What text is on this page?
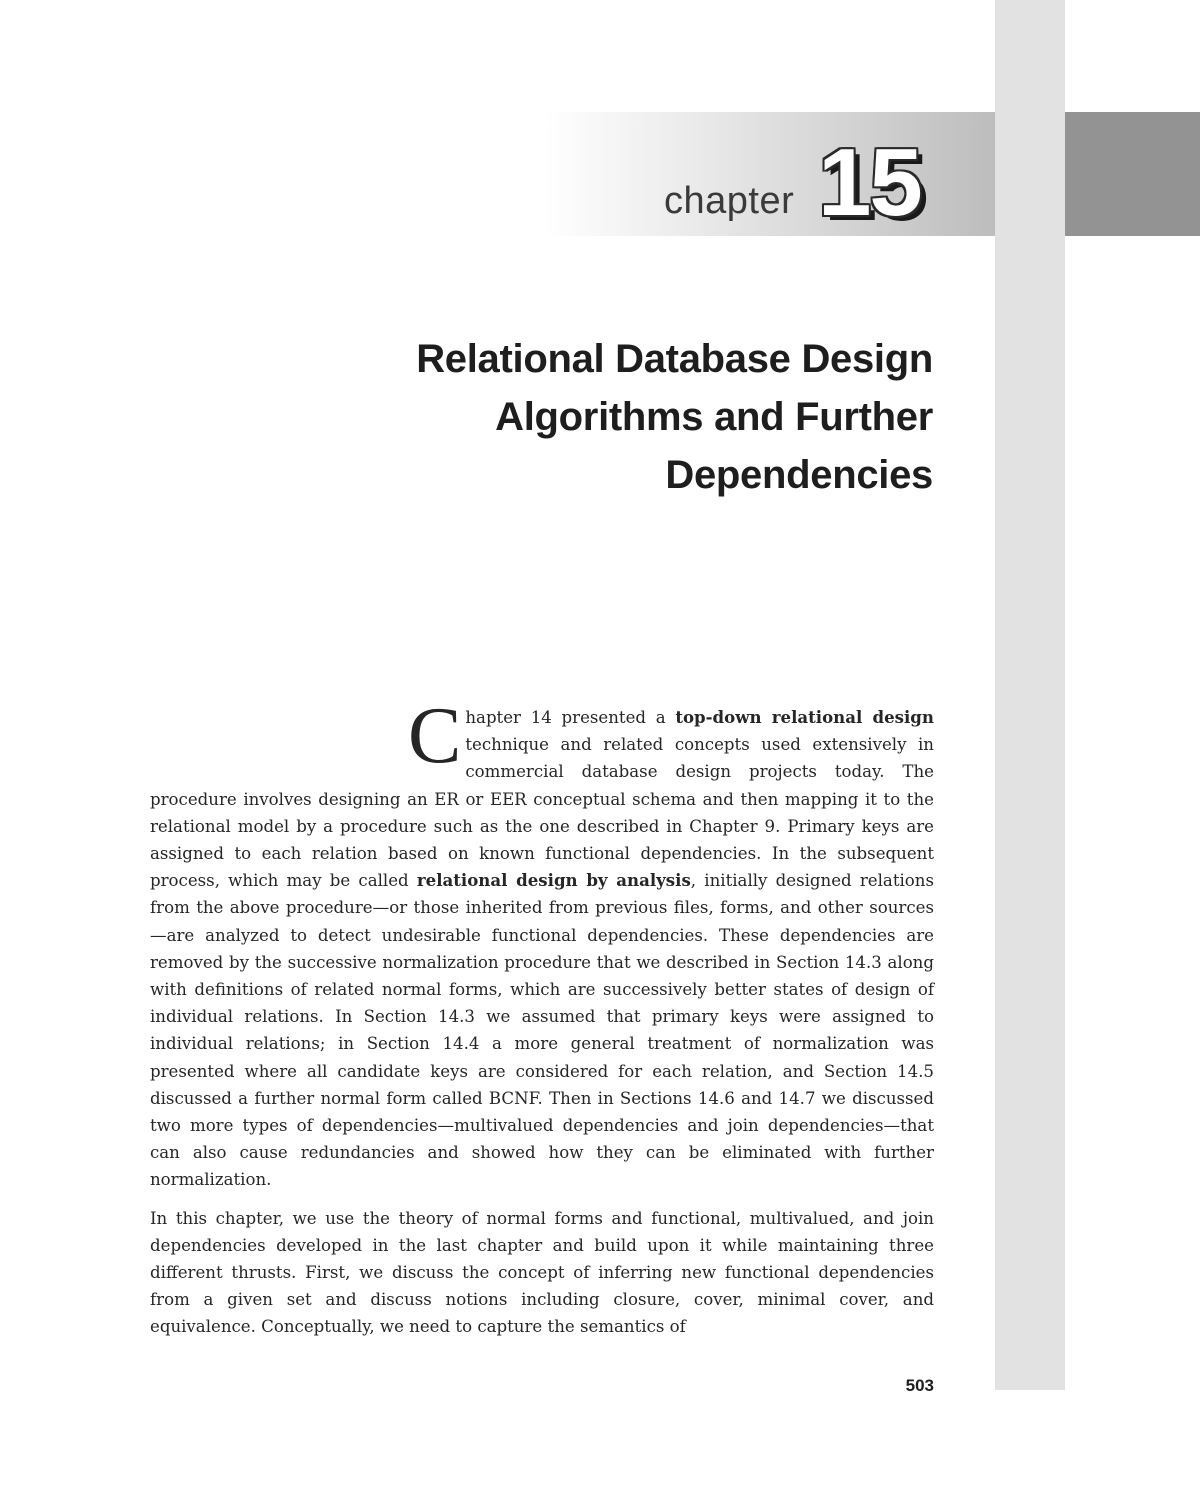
chapter 15
Relational Database Design
Algorithms and Further
Dependencies

Chapter 14 presented a top-down relational design technique and related concepts used extensively in commercial database design projects today. The procedure involves designing an ER or EER conceptual schema and then mapping it to the relational model by a procedure such as the one described in Chapter 9. Primary keys are assigned to each relation based on known functional dependencies. In the subsequent process, which may be called relational design by analysis, initially designed relations from the above procedure—or those inherited from previous files, forms, and other sources—are analyzed to detect undesirable functional dependencies. These dependencies are removed by the successive normalization procedure that we described in Section 14.3 along with definitions of related normal forms, which are successively better states of design of individual relations. In Section 14.3 we assumed that primary keys were assigned to individual relations; in Section 14.4 a more general treatment of normalization was presented where all candidate keys are considered for each relation, and Section 14.5 discussed a further normal form called BCNF. Then in Sections 14.6 and 14.7 we discussed two more types of dependencies—multivalued dependencies and join dependencies—that can also cause redundancies and showed how they can be eliminated with further normalization.

In this chapter, we use the theory of normal forms and functional, multivalued, and join dependencies developed in the last chapter and build upon it while maintaining three different thrusts. First, we discuss the concept of inferring new functional dependencies from a given set and discuss notions including closure, cover, minimal cover, and equivalence. Conceptually, we need to capture the semantics of

503
